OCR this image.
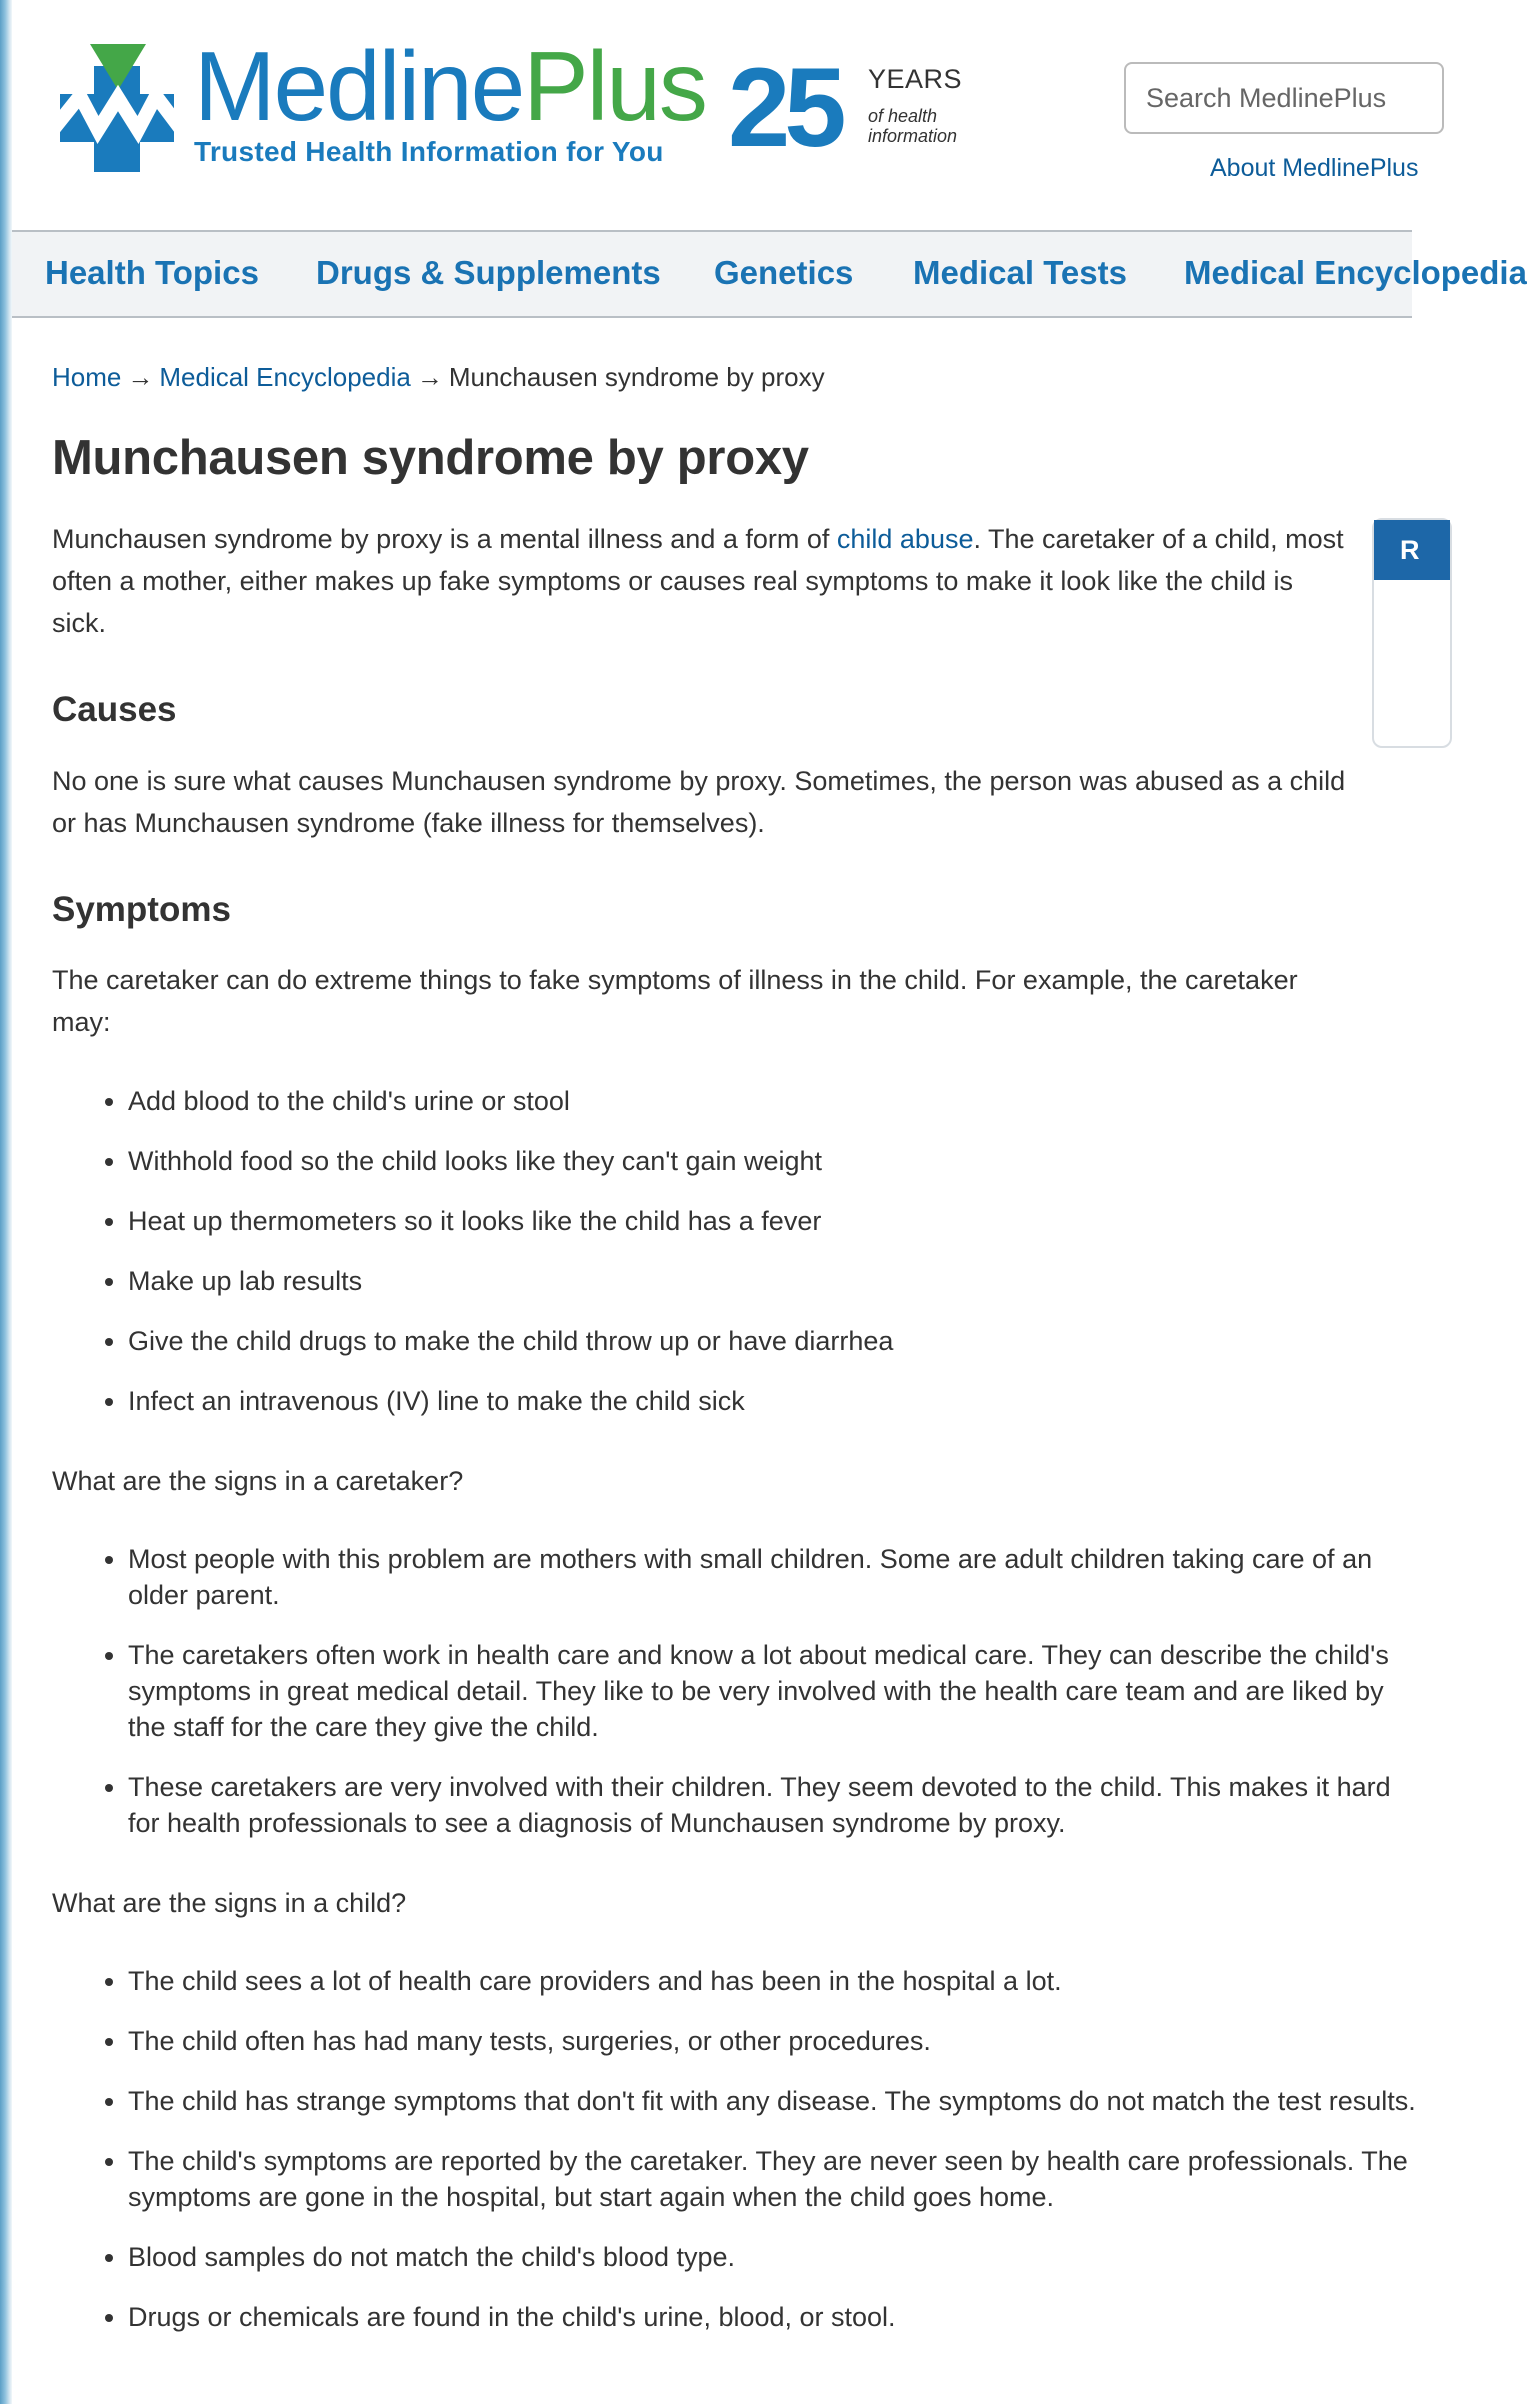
MedlinePlus
Trusted Health Information for You 25 YEARS
of health information
Search MedlinePlus
About MedlinePlus
Health Topics Drugs & Supplements Genetics Medical Tests Medical Encyclopedia
Home → Medical Encyclopedia → Munchausen syndrome by proxy
Munchausen syndrome by proxy

Munchausen syndrome by proxy is a mental illness and a form of child abuse. The caretaker of a child, most often a mother, either makes up fake symptoms or causes real symptoms to make it look like the child is sick.

R
Causes

No one is sure what causes Munchausen syndrome by proxy. Sometimes, the person was abused as a child or has Munchausen syndrome (fake illness for themselves).

Symptoms

The caretaker can do extreme things to fake symptoms of illness in the child. For example, the caretaker may:

Add blood to the child's urine or stool
Withhold food so the child looks like they can't gain weight
Heat up thermometers so it looks like the child has a fever
Make up lab results
Give the child drugs to make the child throw up or have diarrhea
Infect an intravenous (IV) line to make the child sick

What are the signs in a caretaker?

Most people with this problem are mothers with small children. Some are adult children taking care of an older parent.
The caretakers often work in health care and know a lot about medical care. They can describe the child's symptoms in great medical detail. They like to be very involved with the health care team and are liked by the staff for the care they give the child.
These caretakers are very involved with their children. They seem devoted to the child. This makes it hard for health professionals to see a diagnosis of Munchausen syndrome by proxy.

What are the signs in a child?

The child sees a lot of health care providers and has been in the hospital a lot.
The child often has had many tests, surgeries, or other procedures.
The child has strange symptoms that don't fit with any disease. The symptoms do not match the test results.
The child's symptoms are reported by the caretaker. They are never seen by health care professionals. The symptoms are gone in the hospital, but start again when the child goes home.
Blood samples do not match the child's blood type.
Drugs or chemicals are found in the child's urine, blood, or stool.
